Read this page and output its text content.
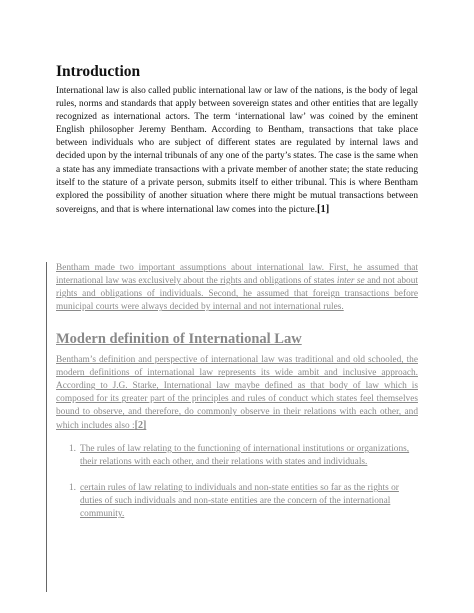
Introduction

International law is also called public international law or law of the nations, is the body of legal rules, norms and standards that apply between sovereign states and other entities that are legally recognized as international actors. The term ‘international law’ was coined by the eminent English philosopher Jeremy Bentham. According to Bentham, transactions that take place between individuals who are subject of different states are regulated by internal laws and decided upon by the internal tribunals of any one of the party’s states. The case is the same when a state has any immediate transactions with a private member of another state; the state reducing itself to the stature of a private person, submits itself to either tribunal. This is where Bentham explored the possibility of another situation where there might be mutual transactions between sovereigns, and that is where international law comes into the picture.[1]

Bentham made two important assumptions about international law. First, he assumed that international law was exclusively about the rights and obligations of states inter se and not about rights and obligations of individuals. Second, he assumed that foreign transactions before municipal courts were always decided by internal and not international rules.

Modern definition of International Law

Bentham’s definition and perspective of international law was traditional and old schooled, the modern definitions of international law represents its wide ambit and inclusive approach. According to J.G. Starke, International law maybe defined as that body of law which is composed for its greater part of the principles and rules of conduct which states feel themselves bound to observe, and therefore, do commonly observe in their relations with each other, and which includes also :[2]

1. The rules of law relating to the functioning of international institutions or organizations, their relations with each other, and their relations with states and individuals.
1. certain rules of law relating to individuals and non-state entities so far as the rights or duties of such individuals and non-state entities are the concern of the international community.
